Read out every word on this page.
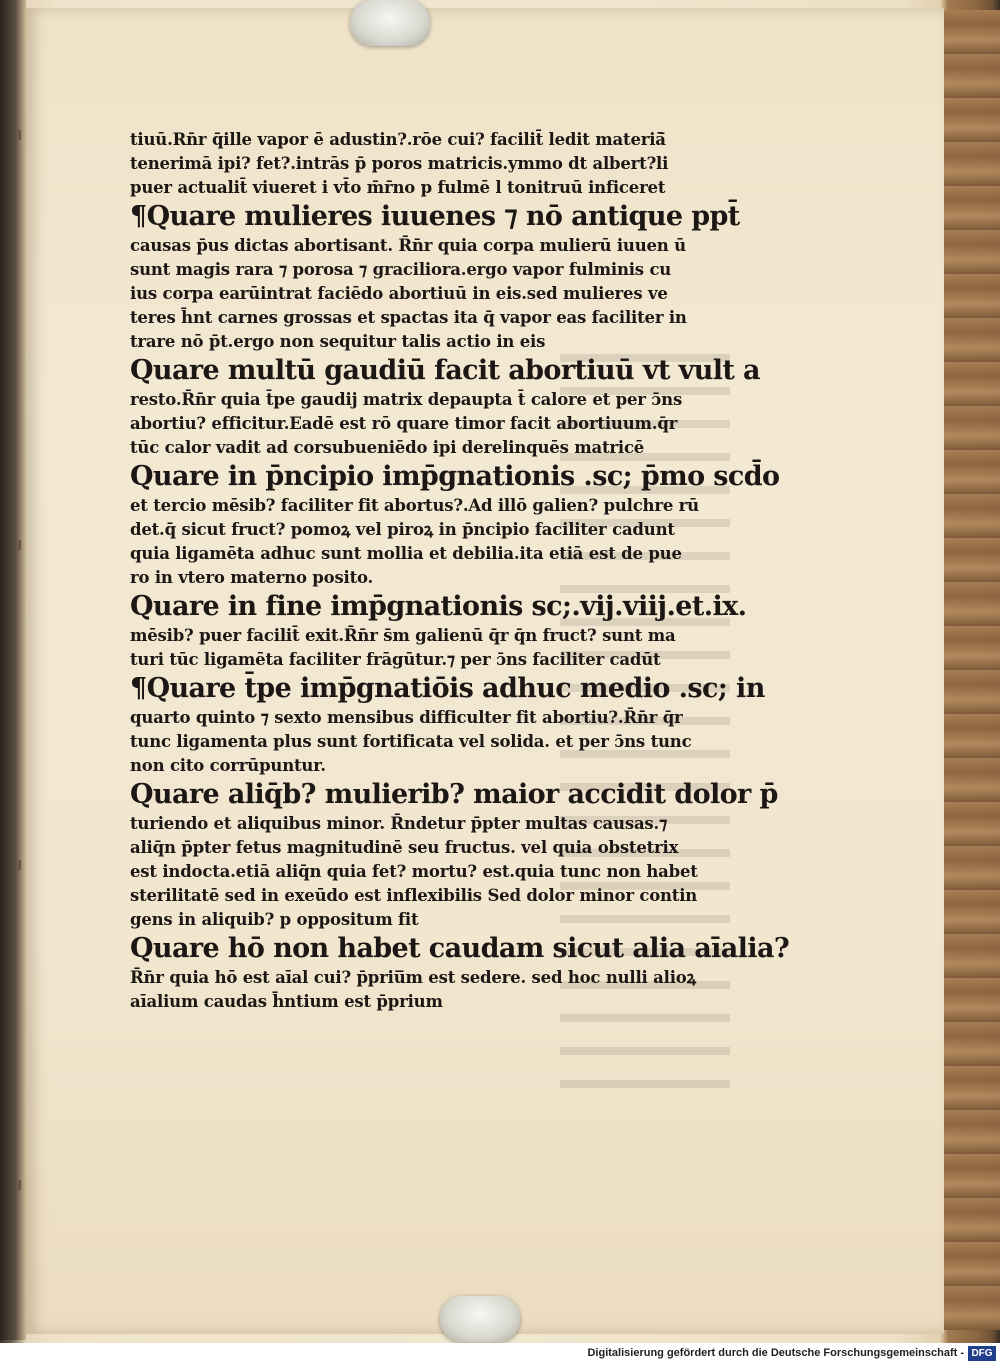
tiuū.Rn̄r q̄ille vapor ē adustin?.rōe cui? facilit̄ ledit materiā̄
tenerimā ipi? fet?.intrās p̄ poros matricis.ymmo dt albert?li
puer actualit̄ viueret i vt̄o m̄r̄no p fulmē l tonitruū inficeret
¶Quare mulieres iuuenes ⁊ nō antique ppt̄
causas p̄us dictas abortisant. R̄n̄r quia corpa mulierū iuuen ū
sunt magis rara ⁊ porosa ⁊ graciliora.ergo vapor fulminis cu
ius corpa earūintrat faciēdo abortiuū in eis.sed mulieres ve
teres h̄nt carnes grossas et spactas ita q̄ vapor eas faciliter in
trare nō p̄t.ergo non sequitur talis actio in eis
Quare multū gaudiū facit abortiuū vt vult a
resto.R̄n̄r quia t̄pe gaudij matrix depaupta t̄ calore et per ɔ̄ns
abortiu? efficitur.Eadē est rō quare timor facit abortiuum.q̄r
tūc calor vadit ad corsubueniēdo ipi derelinquēs matricē
Quare in p̄ncipio imp̄gnationis .sc; p̄mo scd̄o
et tercio mēsib? faciliter fit abortus?.Ad illō galien? pulchre rū
det.q̄ sicut fruct? pomoꝝ vel piroꝝ in p̄ncipio faciliter cadunt
quia ligamēta adhuc sunt mollia et debilia.ita etiā est de pue
ro in vtero materno posito.
Quare in fine imp̄gnationis sc;.vij.viij.et.ix.
mēsib? puer facilit̄ exit.R̄n̄r s̄m galienū q̄r q̄n fruct? sunt ma
turi tūc ligamēta faciliter frāgūtur.⁊ per ɔ̄ns faciliter cadūt
¶Quare t̄pe imp̄gnatiōis adhuc medio .sc; in
quarto quinto ⁊ sexto mensibus difficulter fit abortiu?.R̄n̄r q̄r
tunc ligamenta plus sunt fortificata vel solida. et per ɔ̄ns tunc
non cito corrūpuntur.
Quare aliq̄b? mulierib? maior accidit dolor p̄
turiendo et aliquibus minor. R̄ndetur p̄pter multas causas.⁊
aliq̄n p̄pter fetus magnitudinē seu fructus. vel quia obstetrix
est indocta.etiā aliq̄n quia fet? mortu? est.quia tunc non habet
sterilitatē sed in exeūdo est inflexibilis Sed dolor minor contin
gens in aliquib? p oppositum fit
Quare hō non habet caudam sicut alia aīalia?
R̄n̄r quia hō est aīal cui? p̄priu̅m est sedere. sed hoc nulli alioꝝ
aīalium caudas h̄ntium est p̄prium
Digitalisierung gefördert durch die Deutsche Forschungsgemeinschaft - DFG
